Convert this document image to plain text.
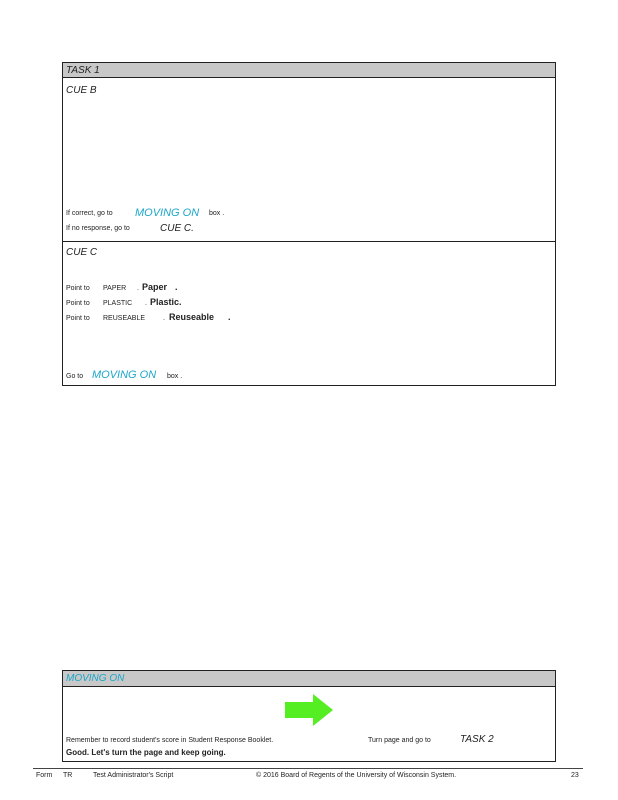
TASK 1
CUE B
If correct, go to MOVING ON box .
If no response, go to	CUE C.
CUE C
Point to PAPER . Paper .
Point to PLASTIC . Plastic.
Point to REUSEABLE	. Reuseable .
Go to MOVING ON box .
MOVING ON
Remember to record student's score in Student Response Booklet.	Turn page and go to	TASK 2
Good. Let's turn the page and keep going.
Form TR	Test Administrator's Script	© 2016 Board of Regents of the University of Wisconsin System.	23
